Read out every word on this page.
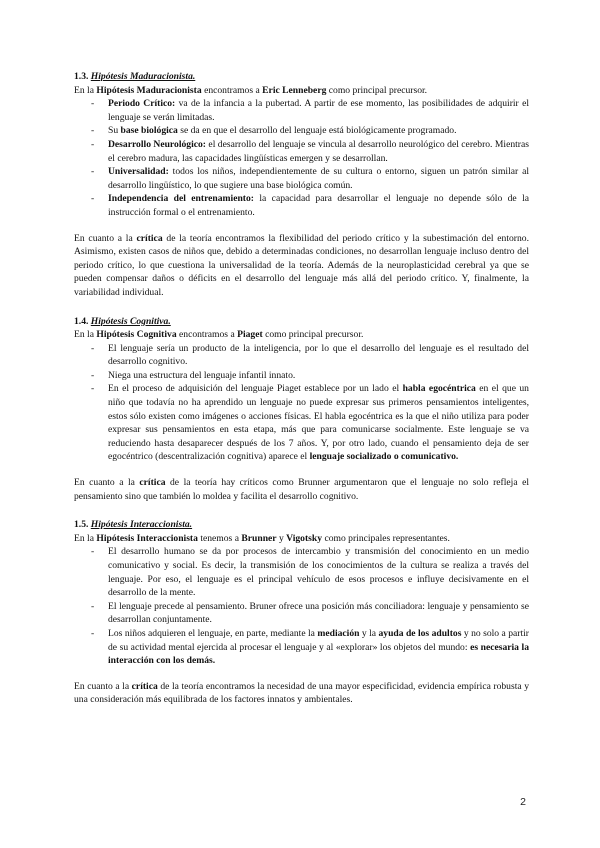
1.3. Hipótesis Maduracionista.

En la Hipótesis Maduracionista encontramos a Eric Lenneberg como principal precursor.

- Periodo Crítico: va de la infancia a la pubertad. A partir de ese momento, las posibilidades de adquirir el lenguaje se verán limitadas.
- Su base biológica se da en que el desarrollo del lenguaje está biológicamente programado.
- Desarrollo Neurológico: el desarrollo del lenguaje se vincula al desarrollo neurológico del cerebro. Mientras el cerebro madura, las capacidades lingüísticas emergen y se desarrollan.
- Universalidad: todos los niños, independientemente de su cultura o entorno, siguen un patrón similar al desarrollo lingüístico, lo que sugiere una base biológica común.
- Independencia del entrenamiento: la capacidad para desarrollar el lenguaje no depende sólo de la instrucción formal o el entrenamiento.

En cuanto a la crítica de la teoría encontramos la flexibilidad del periodo crítico y la subestimación del entorno. Asimismo, existen casos de niños que, debido a determinadas condiciones, no desarrollan lenguaje incluso dentro del periodo crítico, lo que cuestiona la universalidad de la teoría. Además de la neuroplasticidad cerebral ya que se pueden compensar daños o déficits en el desarrollo del lenguaje más allá del periodo crítico. Y, finalmente, la variabilidad individual.

1.4. Hipótesis Cognitiva.

En la Hipótesis Cognitiva encontramos a Piaget como principal precursor.

- El lenguaje sería un producto de la inteligencia, por lo que el desarrollo del lenguaje es el resultado del desarrollo cognitivo.
- Niega una estructura del lenguaje infantil innato.
- En el proceso de adquisición del lenguaje Piaget establece por un lado el habla egocéntrica en el que un niño que todavía no ha aprendido un lenguaje no puede expresar sus primeros pensamientos inteligentes, estos sólo existen como imágenes o acciones físicas. El habla egocéntrica es la que el niño utiliza para poder expresar sus pensamientos en esta etapa, más que para comunicarse socialmente. Este lenguaje se va reduciendo hasta desaparecer después de los 7 años. Y, por otro lado, cuando el pensamiento deja de ser egocéntrico (descentralización cognitiva) aparece el lenguaje socializado o comunicativo.

En cuanto a la crítica de la teoría hay críticos como Brunner argumentaron que el lenguaje no solo refleja el pensamiento sino que también lo moldea y facilita el desarrollo cognitivo.

1.5. Hipótesis Interaccionista.

En la Hipótesis Interaccionista tenemos a Brunner y Vigotsky como principales representantes.

- El desarrollo humano se da por procesos de intercambio y transmisión del conocimiento en un medio comunicativo y social. Es decir, la transmisión de los conocimientos de la cultura se realiza a través del lenguaje. Por eso, el lenguaje es el principal vehículo de esos procesos e influye decisivamente en el desarrollo de la mente.
- El lenguaje precede al pensamiento. Bruner ofrece una posición más conciliadora: lenguaje y pensamiento se desarrollan conjuntamente.
- Los niños adquieren el lenguaje, en parte, mediante la mediación y la ayuda de los adultos y no solo a partir de su actividad mental ejercida al procesar el lenguaje y al «explorar» los objetos del mundo: es necesaria la interacción con los demás.

En cuanto a la crítica de la teoría encontramos la necesidad de una mayor especificidad, evidencia empírica robusta y una consideración más equilibrada de los factores innatos y ambientales.

2
